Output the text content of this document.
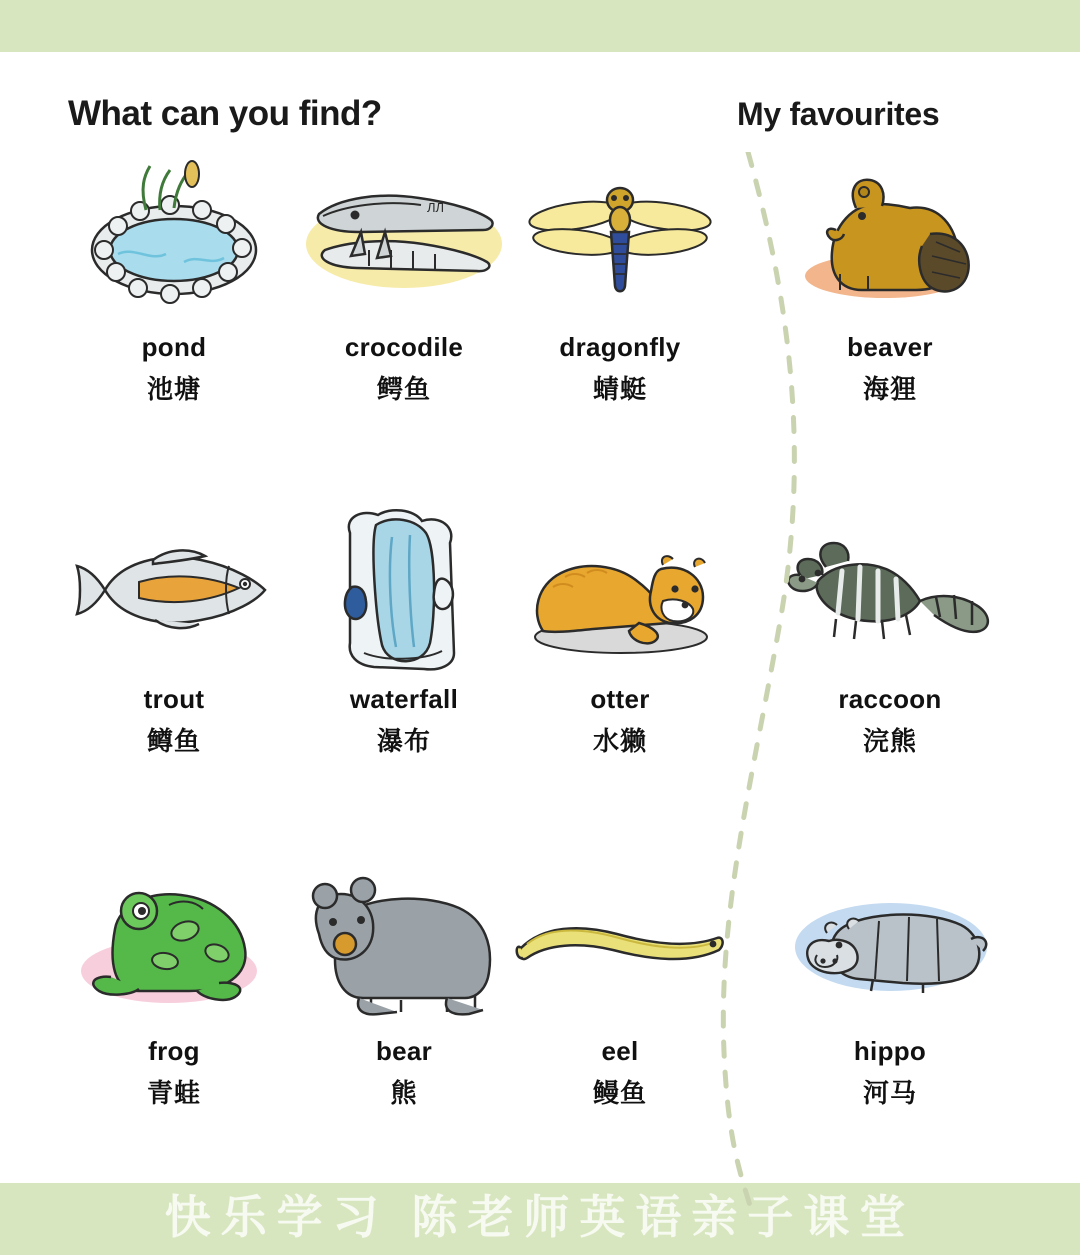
What can you find?	My favourites
pond
池塘
ЛЛ
crocodile
鳄鱼
dragonfly
蜻蜓
beaver
海狸
trout
鳟鱼
waterfall
瀑布
otter
水獭
raccoon
浣熊
frog
青蛙
bear
熊
eel
鳗鱼
hippo
河马
快乐学习 陈老师英语亲子课堂
